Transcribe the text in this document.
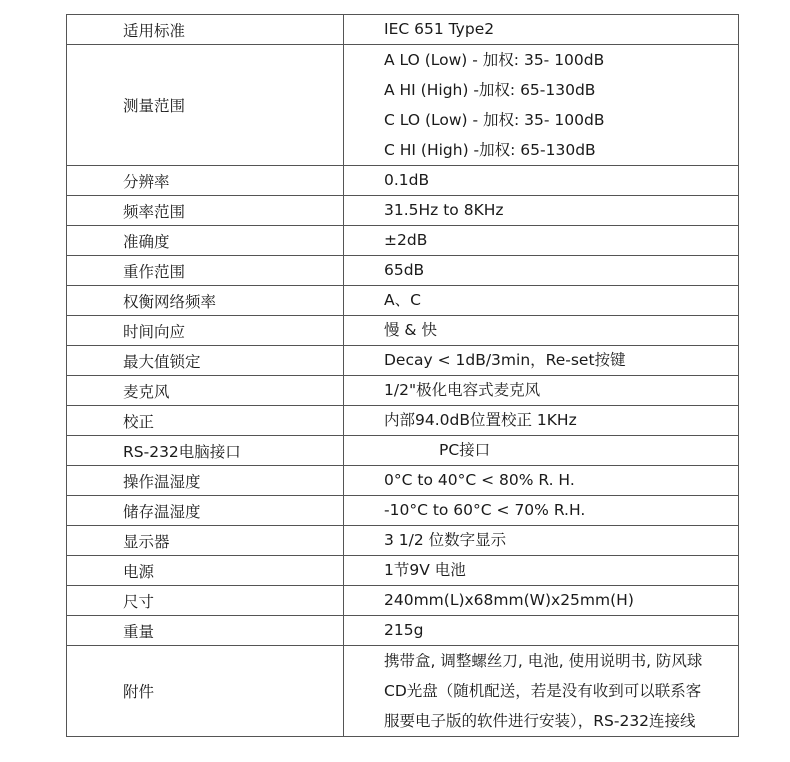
适用标准	IEC 651 Type2

测量范围	A LO (Low) - 加权: 35- 100dB
A HI (High) -加权: 65-130dB
C LO (Low) - 加权: 35- 100dB
C HI (High) -加权: 65-130dB

分辨率	0.1dB

频率范围	31.5Hz to 8KHz

准确度	±2dB

重作范围	65dB

权衡网络频率	A、C

时间向应	慢 & 快

最大值锁定	Decay < 1dB/3min，Re-set按键

麦克风	1/2"极化电容式麦克风

校正	内部94.0dB位置校正 1KHz

RS-232电脑接口	PC接口

操作温湿度	0°C to 40°C < 80% R. H.

储存温湿度	-10°C to 60°C < 70% R.H.

显示器	3 1/2 位数字显示

电源	1节9V 电池

尺寸	240mm(L)x68mm(W)x25mm(H)

重量	215g

附件	携带盒, 调整螺丝刀, 电池, 使用说明书, 防风球
CD光盘（随机配送，若是没有收到可以联系客
服要电子版的软件进行安装），RS-232连接线
